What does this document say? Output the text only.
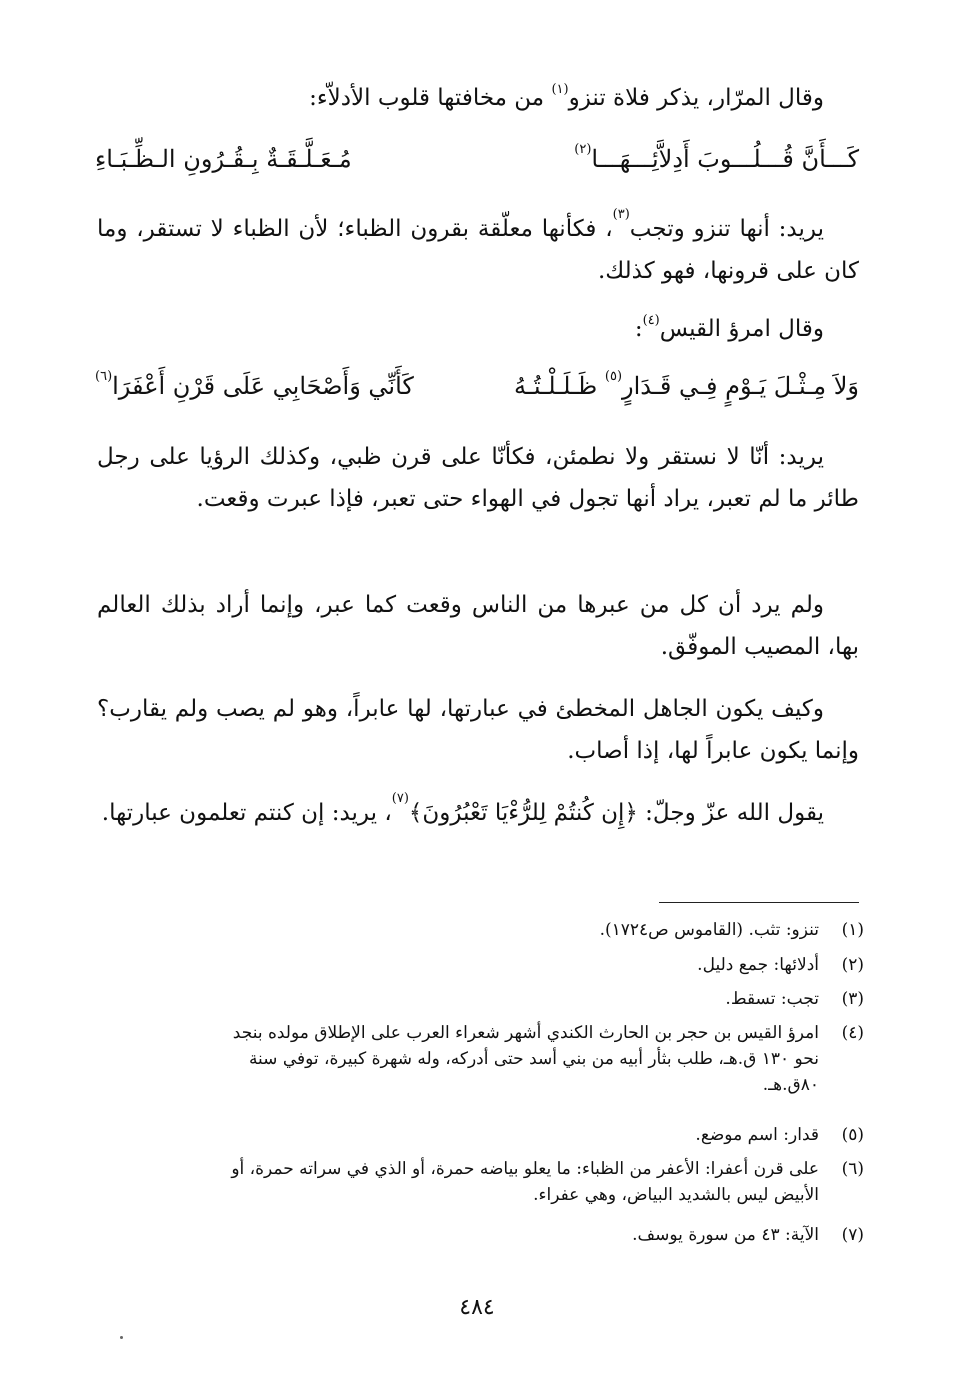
وقال المرّار، يذكر فلاة تنزو$^{(١)}$ من مخافتها قلوب الأدلاّء:
كَـــأَنَّ قُـــلُـــوبَ أَدِلاَّئِـــهَـــا$^{(٢)}$
مُـعَـلَّـقَـةٌ بِـقُـرُونِ الـظِّـبَـاءِ
يريد: أنها تنزو وتجب$^{(٣)}$، فكأنها معلّقة بقرون الظباء؛ لأن الظباء لا تستقر، وما كان على قرونها، فهو كذلك.
وقال امرؤ القيس$^{(٤)}$:
وَلاَ مِـثْـلَ يَـوْمٍ فِـي قَـدَارٍ$^{(٥)}$ ظَـلَـلْـتُـهُ
كَأَنِّي وَأَصْحَابِي عَلَى قَرْنِ أَعْفَرَا$^{(٦)}$
يريد: أنّا لا نستقر ولا نطمئن، فكأنّا على قرن ظبي، وكذلك الرؤيا على رجل طائر ما لم تعبر، يراد أنها تجول في الهواء حتى تعبر، فإذا عبرت وقعت.
ولم يرد أن كل من عبرها من الناس وقعت كما عبر، وإنما أراد بذلك العالم بها، المصيب الموفّق.
وكيف يكون الجاهل المخطئ في عبارتها، لها عابراً، وهو لم يصب ولم يقارب؟ وإنما يكون عابراً لها، إذا أصاب.
يقول الله عزّ وجلّ: ﴿إِن كُنتُمْ لِلرُّءْيَا تَعْبُرُونَ﴾$^{(٧)}$، يريد: إن كنتم تعلمون عبارتها.
(١)تنزو: تثب. (القاموس ص١٧٢٤).
(٢)أدلائها: جمع دليل.
(٣)تجب: تسقط.
(٤)امرؤ القيس بن حجر بن الحارث الكندي أشهر شعراء العرب على الإطلاق مولده بنجد
نحو ١٣٠ ق.هـ، طلب بثأر أبيه من بني أسد حتى أدركه، وله شهرة كبيرة، توفي سنة
٨٠ق.هـ.
(٥)قدار: اسم موضع.
(٦)على قرن أعفرا: الأعفر من الظباء: ما يعلو بياضه حمرة، أو الذي في سراته حمرة، أو
الأبيض ليس بالشديد البياض، وهي عفراء.
(٧)الآية: ٤٣ من سورة يوسف.
٤٨٤
